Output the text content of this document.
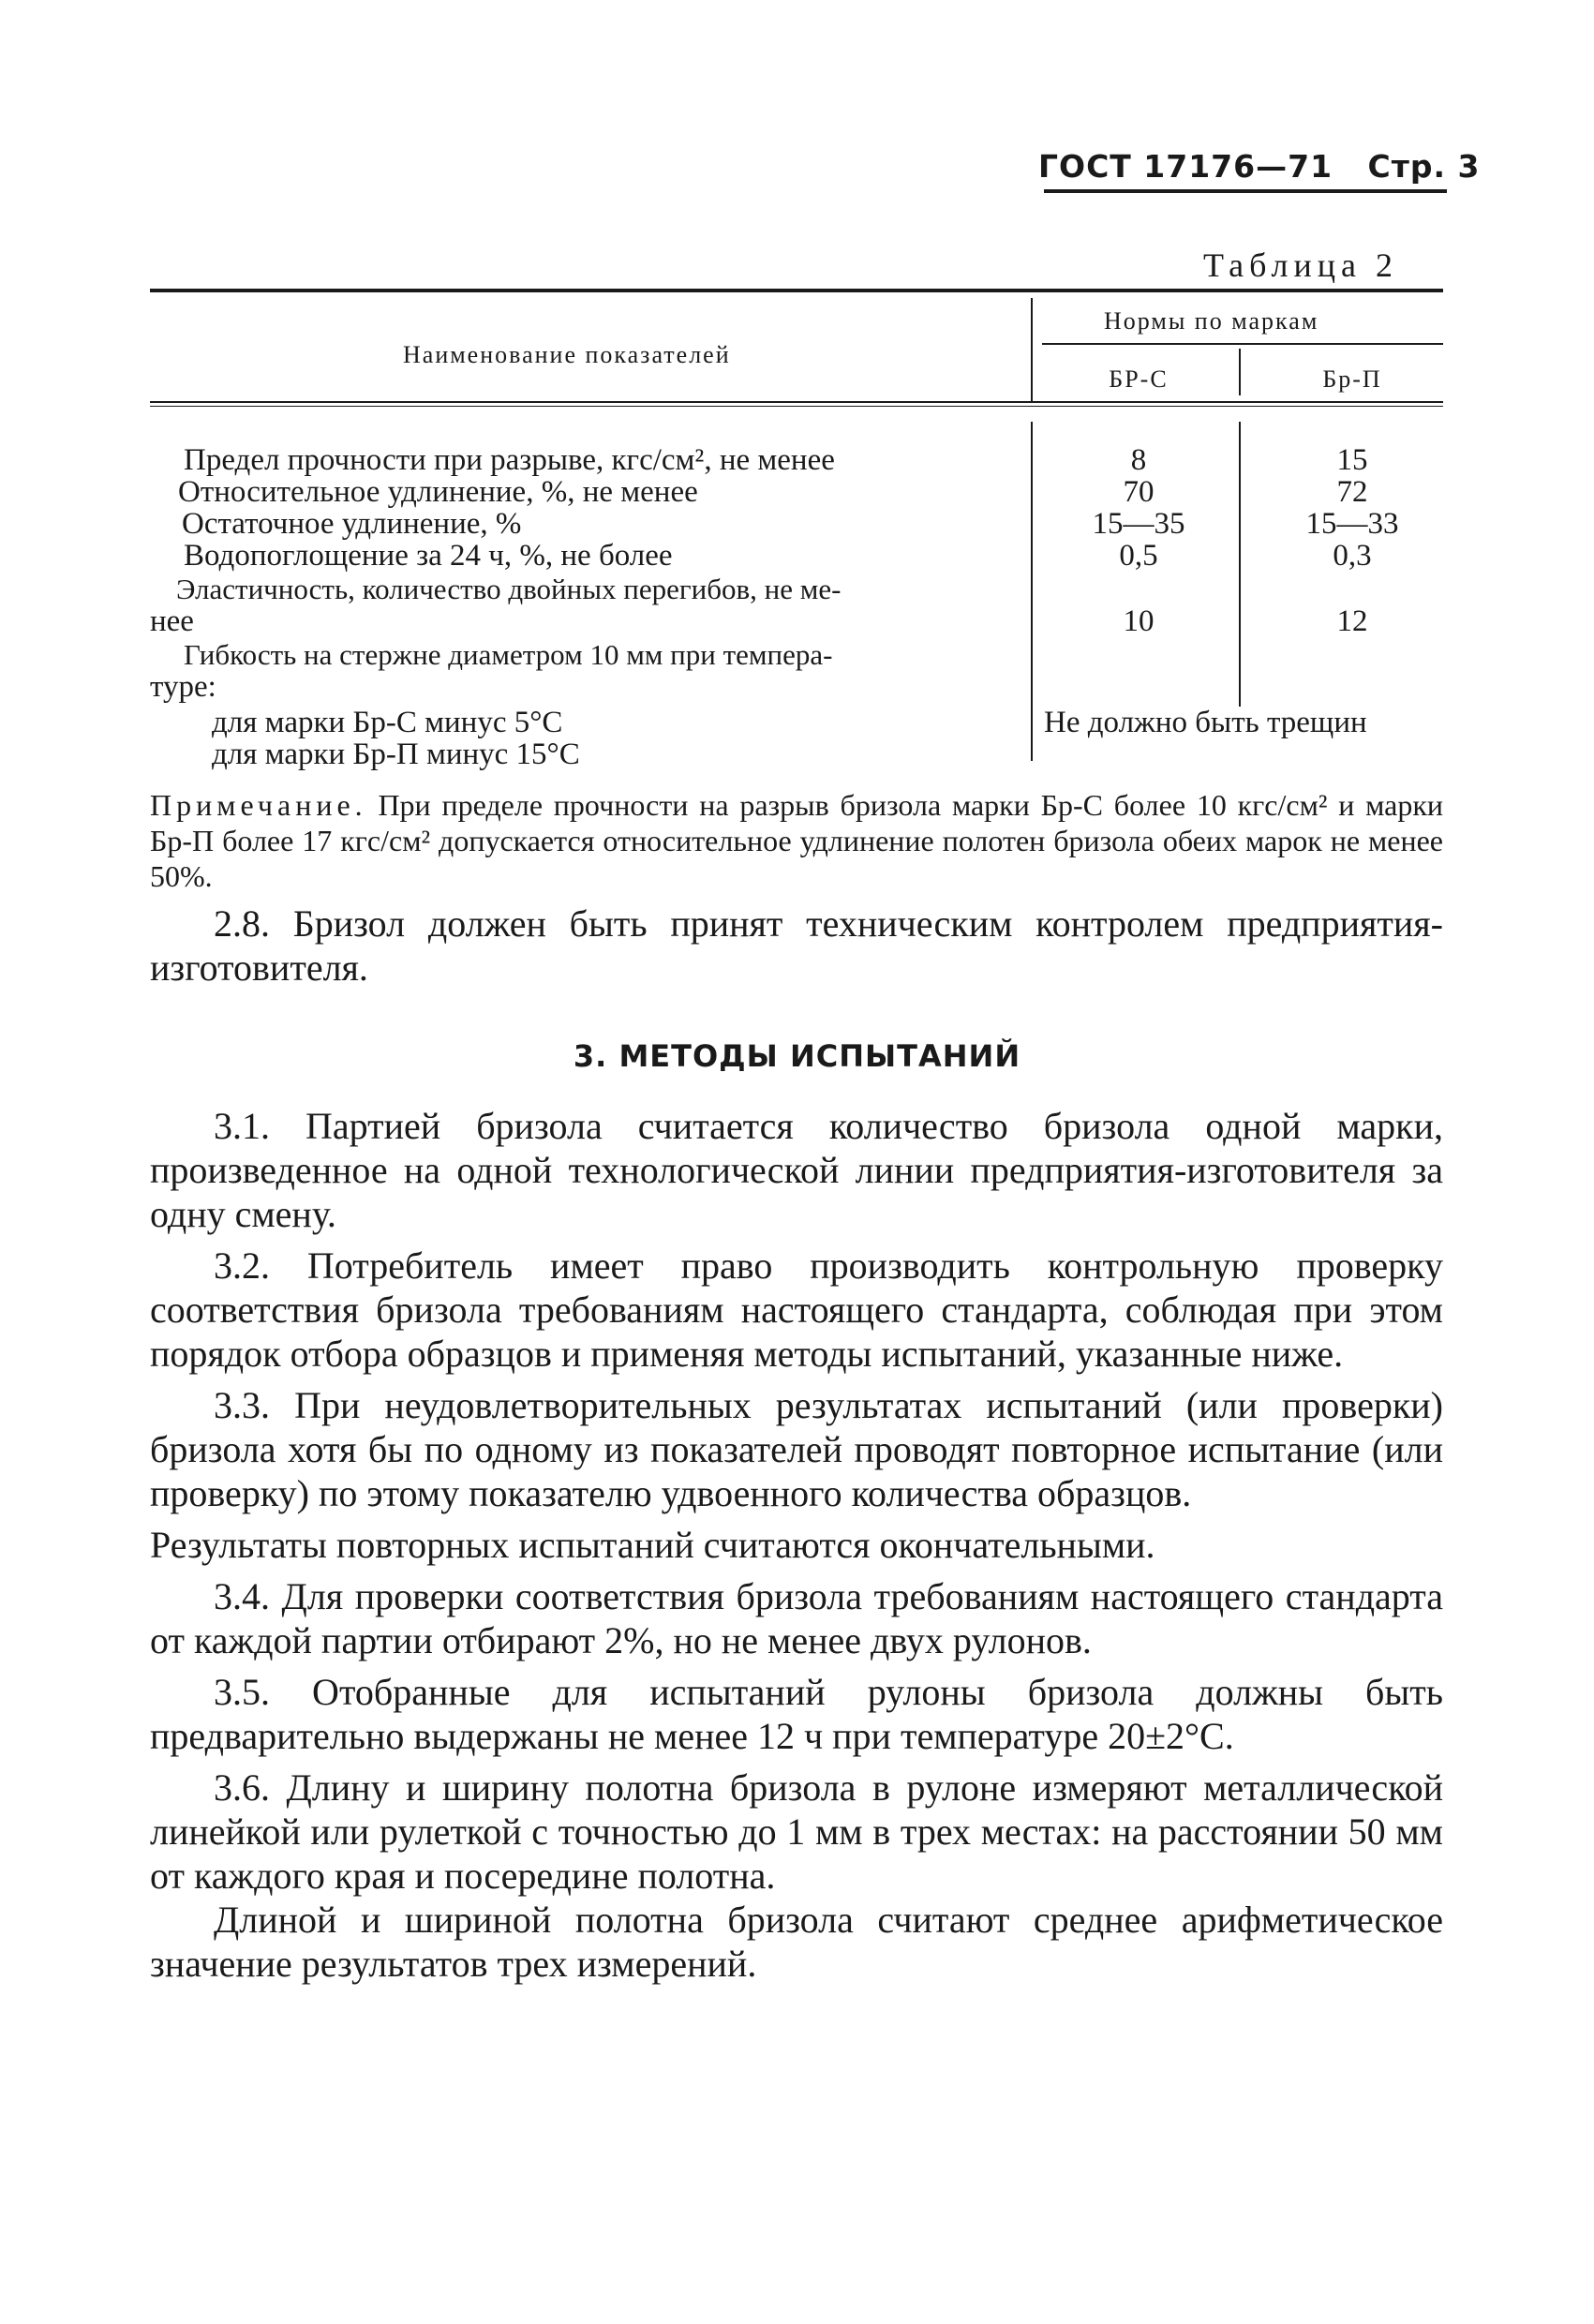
ГОСТ 17176—71 Стр. 3
Таблица 2
Наименование показателей
Нормы по маркам
БР-С	Бр-П
Предел прочности при разрыве, кгс/см², не менее	8	15
Относительное удлинение, %, не менее	70	72
Остаточное удлинение, %	15—35	15—33
Водопоглощение за 24 ч, %, не более	0,5	0,3
Эластичность, количество двойных перегибов, не ме-
нее	10	12
Гибкость на стержне диаметром 10 мм при темпера-
туре:
для марки Бр-С минус 5°С
для марки Бр-П минус 15°С
Не должно быть трещин
Примечание. При пределе прочности на разрыв бризола марки Бр-С более 10 кгс/см² и марки Бр-П более 17 кгс/см² допускается относительное удлинение полотен бризола обеих марок не менее 50%.

2.8. Бризол должен быть принят техническим контролем предприятия-изготовителя.

3. МЕТОДЫ ИСПЫТАНИЙ

3.1. Партией бризола считается количество бризола одной марки, произведенное на одной технологической линии предприятия-изготовителя за одну смену.

3.2. Потребитель имеет право производить контрольную проверку соответствия бризола требованиям настоящего стандарта, соблюдая при этом порядок отбора образцов и применяя методы испытаний, указанные ниже.

3.3. При неудовлетворительных результатах испытаний (или проверки) бризола хотя бы по одному из показателей проводят повторное испытание (или проверку) по этому показателю удвоенного количества образцов.

Результаты повторных испытаний считаются окончательными.

3.4. Для проверки соответствия бризола требованиям настоящего стандарта от каждой партии отбирают 2%, но не менее двух рулонов.

3.5. Отобранные для испытаний рулоны бризола должны быть предварительно выдержаны не менее 12 ч при температуре 20±2°С.

3.6. Длину и ширину полотна бризола в рулоне измеряют металлической линейкой или рулеткой с точностью до 1 мм в трех местах: на расстоянии 50 мм от каждого края и посередине полотна.

Длиной и шириной полотна бризола считают среднее арифметическое значение результатов трех измерений.
